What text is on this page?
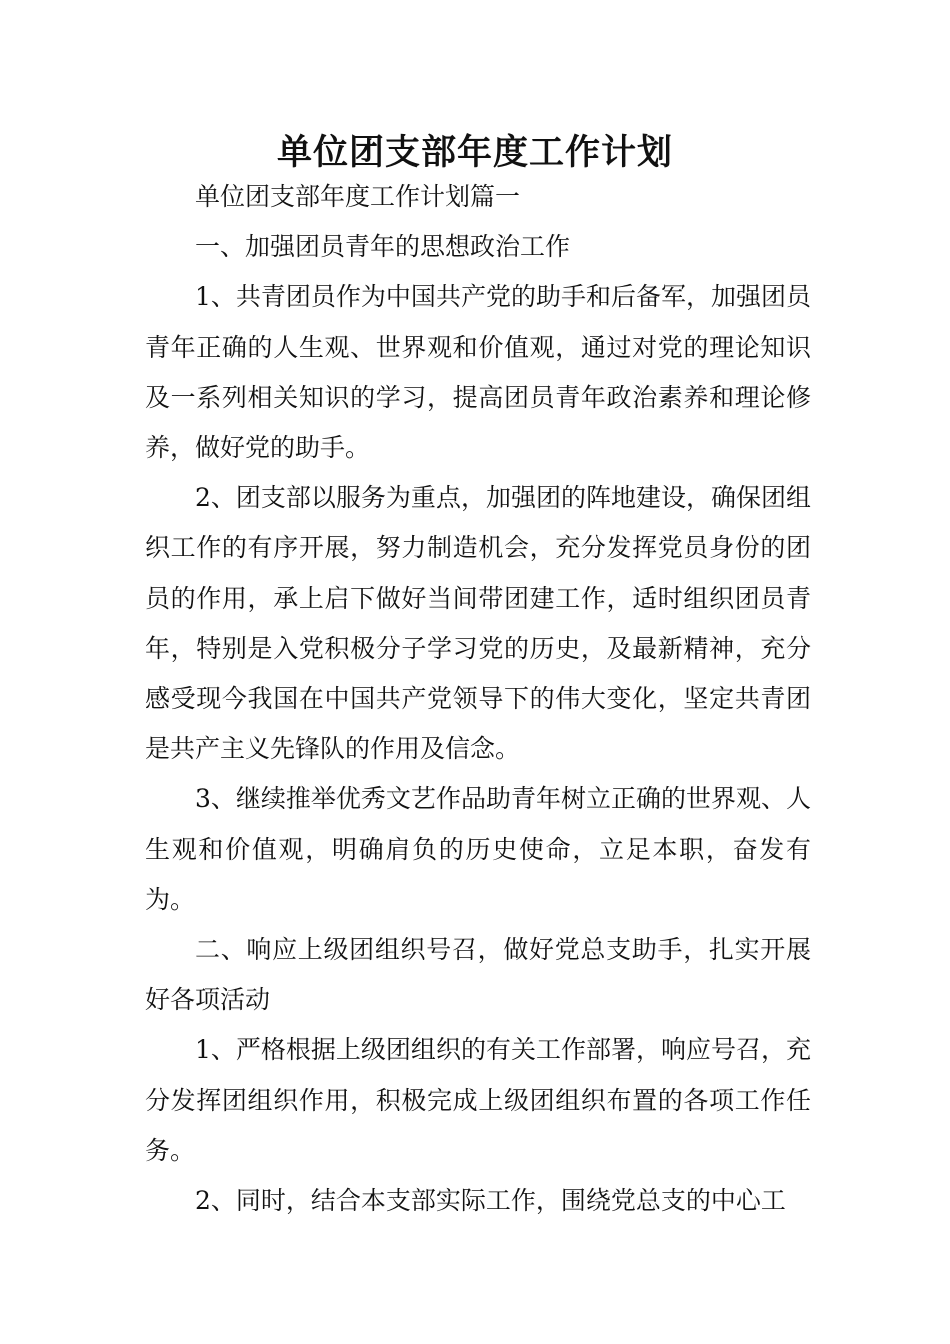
单位团支部年度工作计划

单位团支部年度工作计划篇一

一、加强团员青年的思想政治工作

1、共青团员作为中国共产党的助手和后备军，加强团员青年正确的人生观、世界观和价值观，通过对党的理论知识及一系列相关知识的学习，提高团员青年政治素养和理论修养，做好党的助手。

2、团支部以服务为重点，加强团的阵地建设，确保团组织工作的有序开展，努力制造机会，充分发挥党员身份的团员的作用，承上启下做好当间带团建工作，适时组织团员青年，特别是入党积极分子学习党的历史，及最新精神，充分感受现今我国在中国共产党领导下的伟大变化，坚定共青团是共产主义先锋队的作用及信念。

3、继续推举优秀文艺作品助青年树立正确的世界观、人生观和价值观，明确肩负的历史使命，立足本职，奋发有为。

二、响应上级团组织号召，做好党总支助手，扎实开展好各项活动

1、严格根据上级团组织的有关工作部署，响应号召，充分发挥团组织作用，积极完成上级团组织布置的各项工作任务。

2、同时，结合本支部实际工作，围绕党总支的中心工
